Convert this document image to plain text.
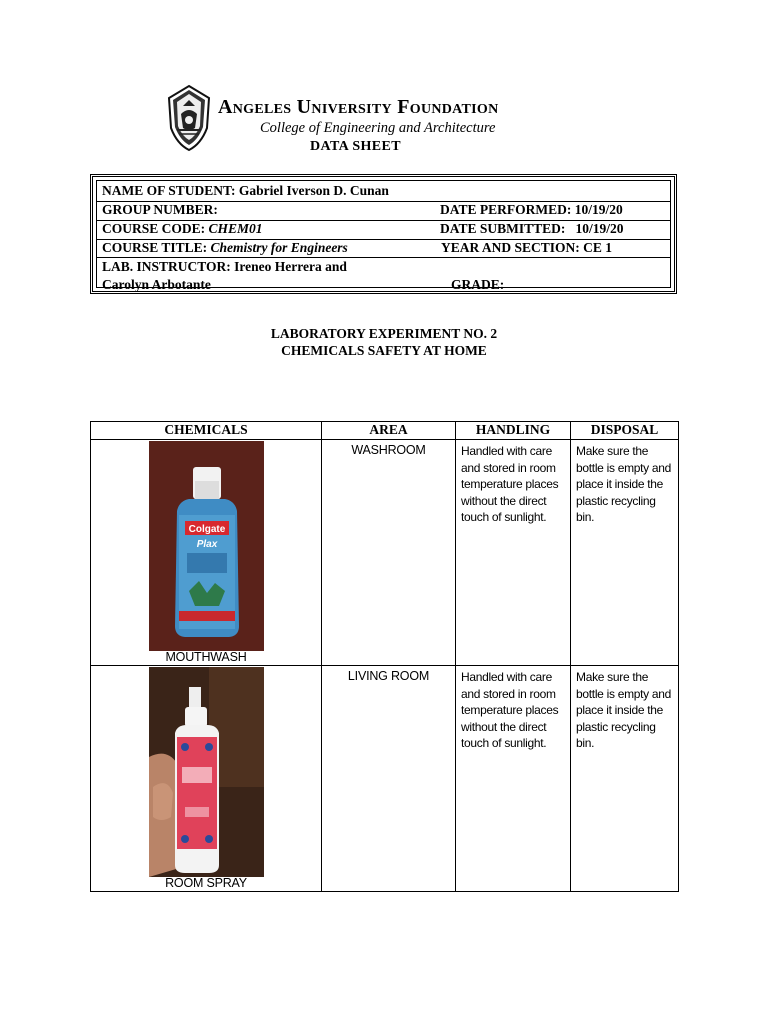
Angeles University Foundation
College of Engineering and Architecture
DATA SHEET
NAME OF STUDENT: Gabriel Iverson D. Cunan
GROUP NUMBER:	DATE PERFORMED: 10/19/20
COURSE CODE: CHEM01	DATE SUBMITTED: 10/19/20
COURSE TITLE: Chemistry for Engineers	YEAR AND SECTION: CE 1
LAB. INSTRUCTOR: Ireneo Herrera and
Carolyn Arbotante	GRADE:
LABORATORY EXPERIMENT NO. 2
CHEMICALS SAFETY AT HOME
CHEMICALS	AREA	HANDLING	DISPOSAL

Colgate
Plax
MOUTHWASH	WASHROOM	Handled with care and stored in room temperature places without the direct touch of sunlight.	Make sure the bottle is empty and place it inside the plastic recycling bin.

ROOM SPRAY	LIVING ROOM	Handled with care and stored in room temperature places without the direct touch of sunlight.	Make sure the bottle is empty and place it inside the plastic recycling bin.
